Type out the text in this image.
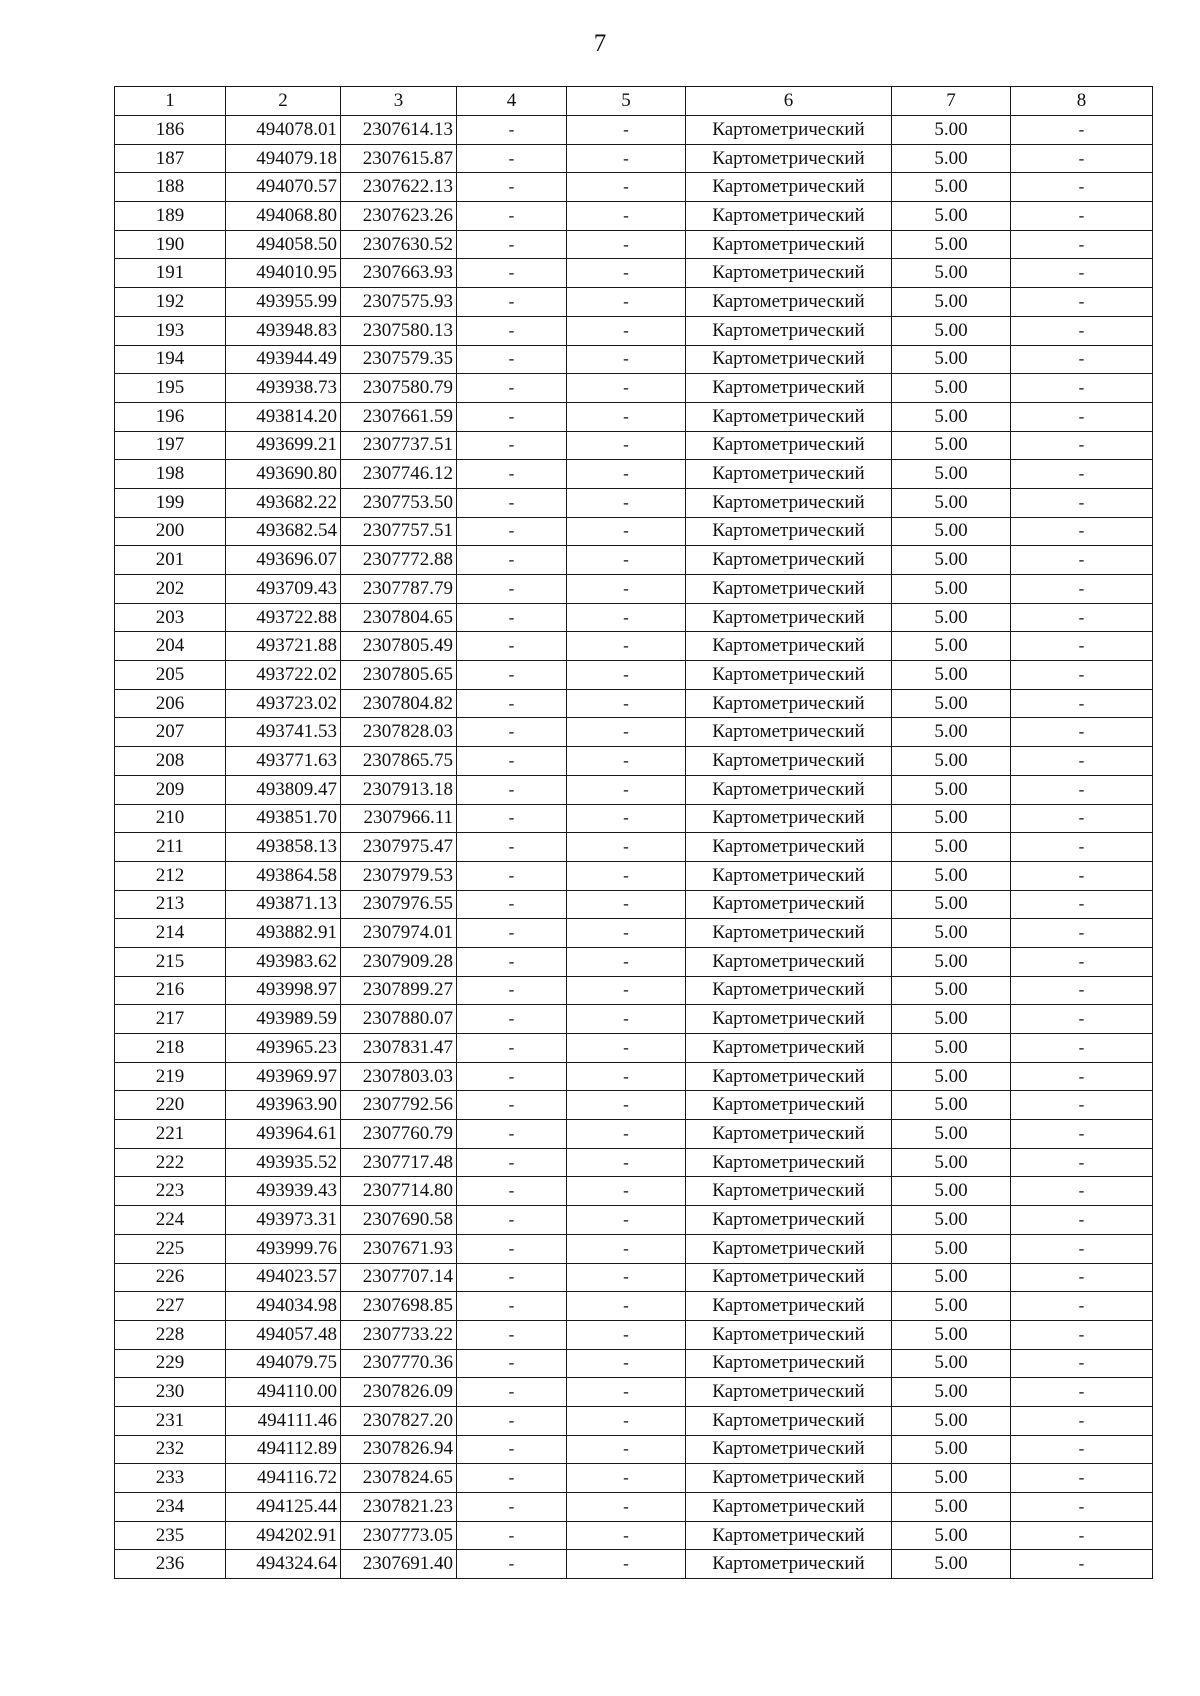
7
1	2	3	4	5	6	7	8
186	494078.01	2307614.13	-	-	Картометрический	5.00	-
187	494079.18	2307615.87	-	-	Картометрический	5.00	-
188	494070.57	2307622.13	-	-	Картометрический	5.00	-
189	494068.80	2307623.26	-	-	Картометрический	5.00	-
190	494058.50	2307630.52	-	-	Картометрический	5.00	-
191	494010.95	2307663.93	-	-	Картометрический	5.00	-
192	493955.99	2307575.93	-	-	Картометрический	5.00	-
193	493948.83	2307580.13	-	-	Картометрический	5.00	-
194	493944.49	2307579.35	-	-	Картометрический	5.00	-
195	493938.73	2307580.79	-	-	Картометрический	5.00	-
196	493814.20	2307661.59	-	-	Картометрический	5.00	-
197	493699.21	2307737.51	-	-	Картометрический	5.00	-
198	493690.80	2307746.12	-	-	Картометрический	5.00	-
199	493682.22	2307753.50	-	-	Картометрический	5.00	-
200	493682.54	2307757.51	-	-	Картометрический	5.00	-
201	493696.07	2307772.88	-	-	Картометрический	5.00	-
202	493709.43	2307787.79	-	-	Картометрический	5.00	-
203	493722.88	2307804.65	-	-	Картометрический	5.00	-
204	493721.88	2307805.49	-	-	Картометрический	5.00	-
205	493722.02	2307805.65	-	-	Картометрический	5.00	-
206	493723.02	2307804.82	-	-	Картометрический	5.00	-
207	493741.53	2307828.03	-	-	Картометрический	5.00	-
208	493771.63	2307865.75	-	-	Картометрический	5.00	-
209	493809.47	2307913.18	-	-	Картометрический	5.00	-
210	493851.70	2307966.11	-	-	Картометрический	5.00	-
211	493858.13	2307975.47	-	-	Картометрический	5.00	-
212	493864.58	2307979.53	-	-	Картометрический	5.00	-
213	493871.13	2307976.55	-	-	Картометрический	5.00	-
214	493882.91	2307974.01	-	-	Картометрический	5.00	-
215	493983.62	2307909.28	-	-	Картометрический	5.00	-
216	493998.97	2307899.27	-	-	Картометрический	5.00	-
217	493989.59	2307880.07	-	-	Картометрический	5.00	-
218	493965.23	2307831.47	-	-	Картометрический	5.00	-
219	493969.97	2307803.03	-	-	Картометрический	5.00	-
220	493963.90	2307792.56	-	-	Картометрический	5.00	-
221	493964.61	2307760.79	-	-	Картометрический	5.00	-
222	493935.52	2307717.48	-	-	Картометрический	5.00	-
223	493939.43	2307714.80	-	-	Картометрический	5.00	-
224	493973.31	2307690.58	-	-	Картометрический	5.00	-
225	493999.76	2307671.93	-	-	Картометрический	5.00	-
226	494023.57	2307707.14	-	-	Картометрический	5.00	-
227	494034.98	2307698.85	-	-	Картометрический	5.00	-
228	494057.48	2307733.22	-	-	Картометрический	5.00	-
229	494079.75	2307770.36	-	-	Картометрический	5.00	-
230	494110.00	2307826.09	-	-	Картометрический	5.00	-
231	494111.46	2307827.20	-	-	Картометрический	5.00	-
232	494112.89	2307826.94	-	-	Картометрический	5.00	-
233	494116.72	2307824.65	-	-	Картометрический	5.00	-
234	494125.44	2307821.23	-	-	Картометрический	5.00	-
235	494202.91	2307773.05	-	-	Картометрический	5.00	-
236	494324.64	2307691.40	-	-	Картометрический	5.00	-
